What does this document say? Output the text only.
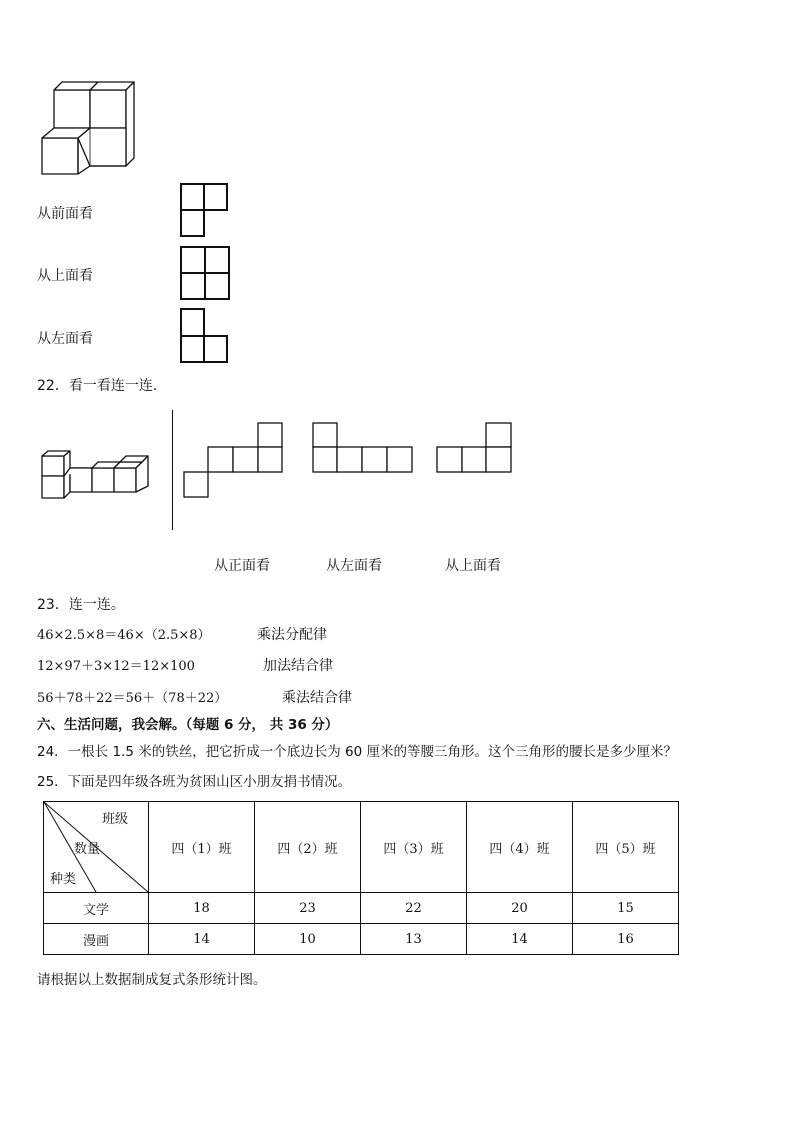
从前面看
从上面看
从左面看
22．看一看连一连．
从正面看	从左面看	从上面看
23．连一连。
46×2.5×8＝46×（2.5×8）	乘法分配律
12×97＋3×12＝12×100	加法结合律
56＋78＋22＝56＋（78＋22）	乘法结合律
六、生活问题，我会解。（每题 6 分， 共 36 分）
24．一根长 1.5 米的铁丝，把它折成一个底边长为 60 厘米的等腰三角形。这个三角形的腰长是多少厘米？
25．下面是四年级各班为贫困山区小朋友捐书情况。
班级
数量
种类	四（1）班	四（2）班	四（3）班	四（4）班	四（5）班
文学	18	23	22	20	15
漫画	14	10	13	14	16
请根据以上数据制成复式条形统计图。
